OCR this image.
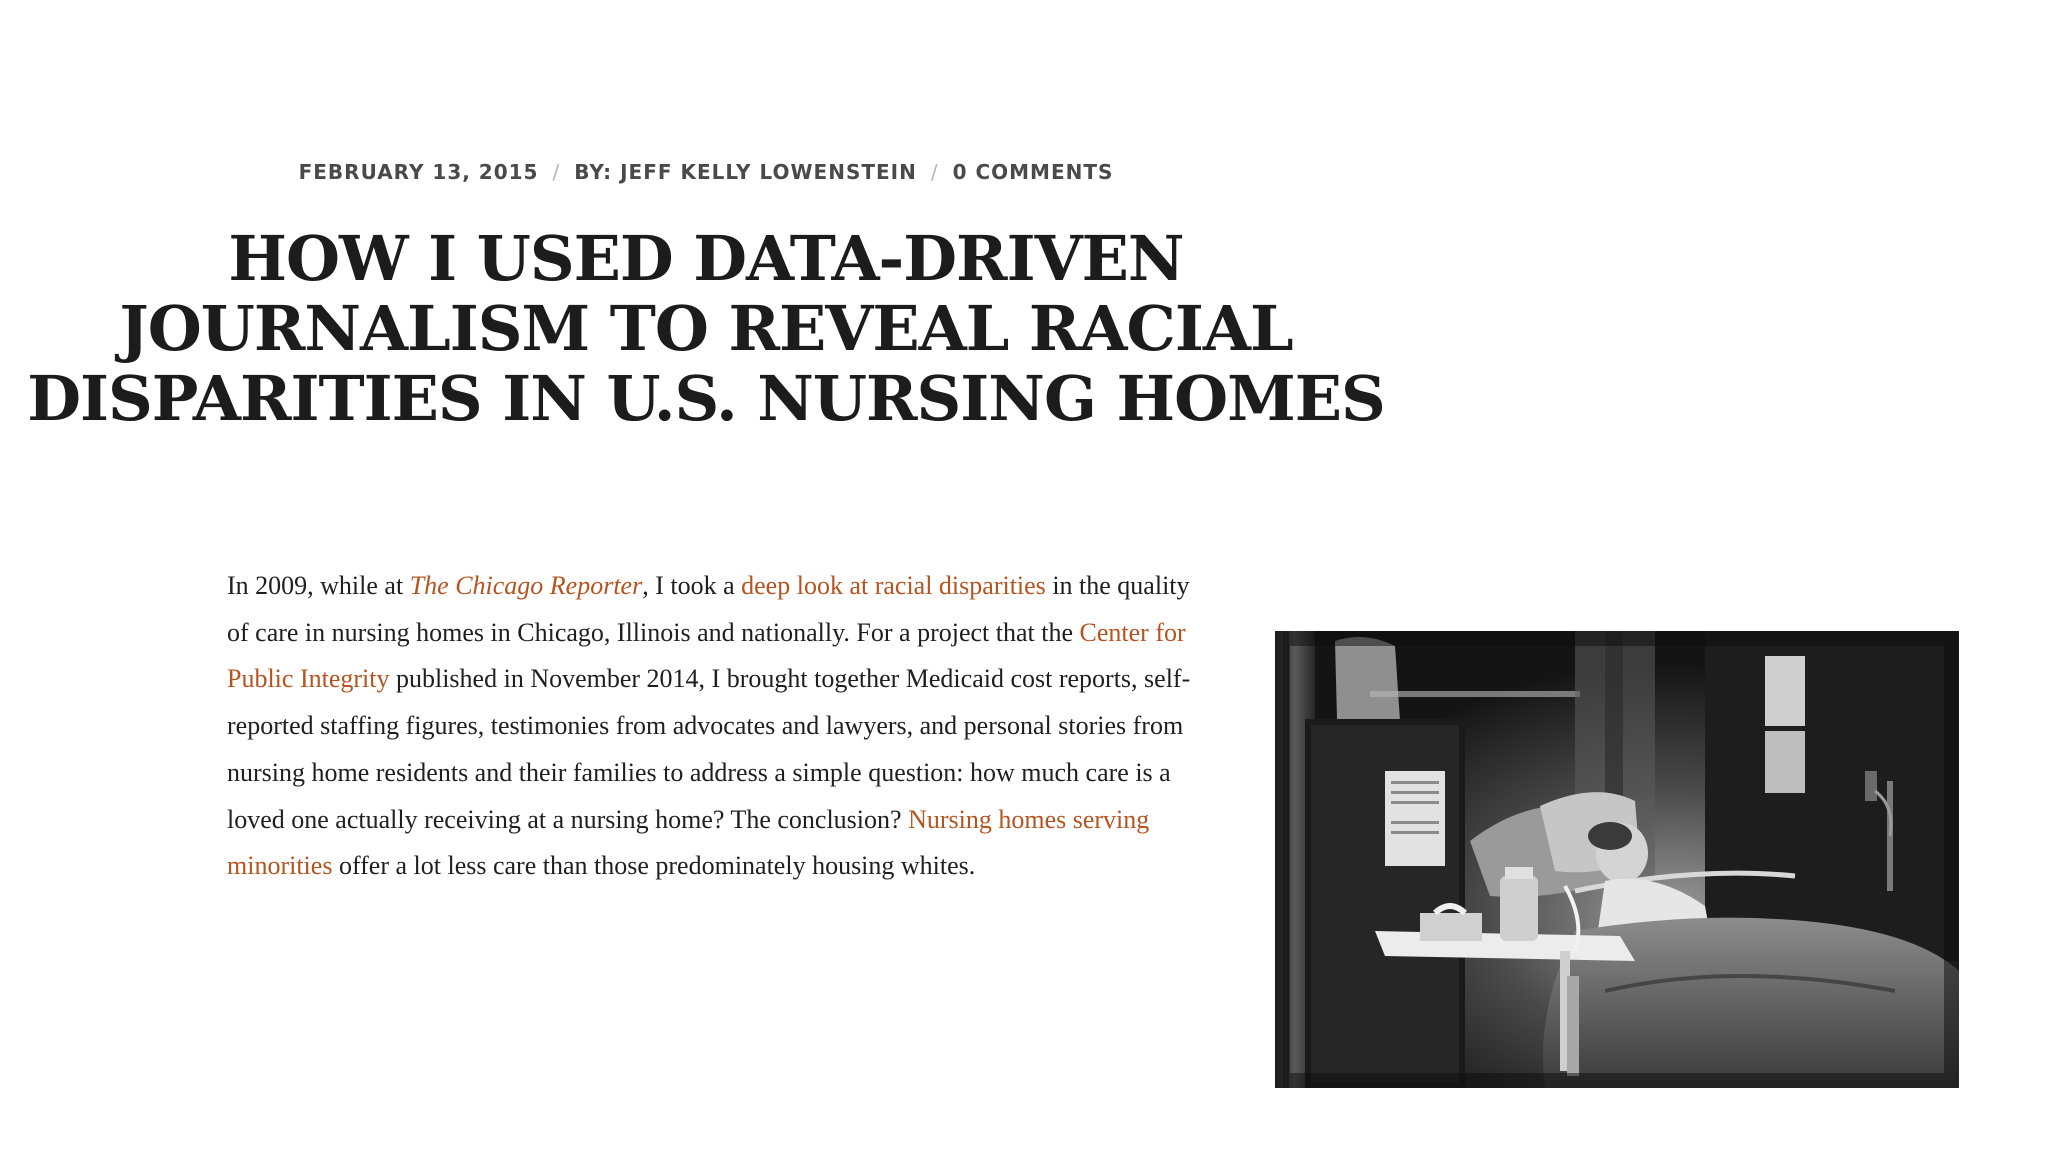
FEBRUARY 13, 2015 / BY: JEFF KELLY LOWENSTEIN / 0 COMMENTS
HOW I USED DATA-DRIVEN
JOURNALISM TO REVEAL RACIAL
DISPARITIES IN U.S. NURSING HOMES

In 2009, while at The Chicago Reporter, I took a deep look at racial disparities in the quality of care in nursing homes in Chicago, Illinois and nationally. For a project that the Center for Public Integrity published in November 2014, I brought together Medicaid cost reports, self-reported staffing figures, testimonies from advocates and lawyers, and personal stories from nursing home residents and their families to address a simple question: how much care is a loved one actually receiving at a nursing home? The conclusion? Nursing homes serving minorities offer a lot less care than those predominately housing whites.
